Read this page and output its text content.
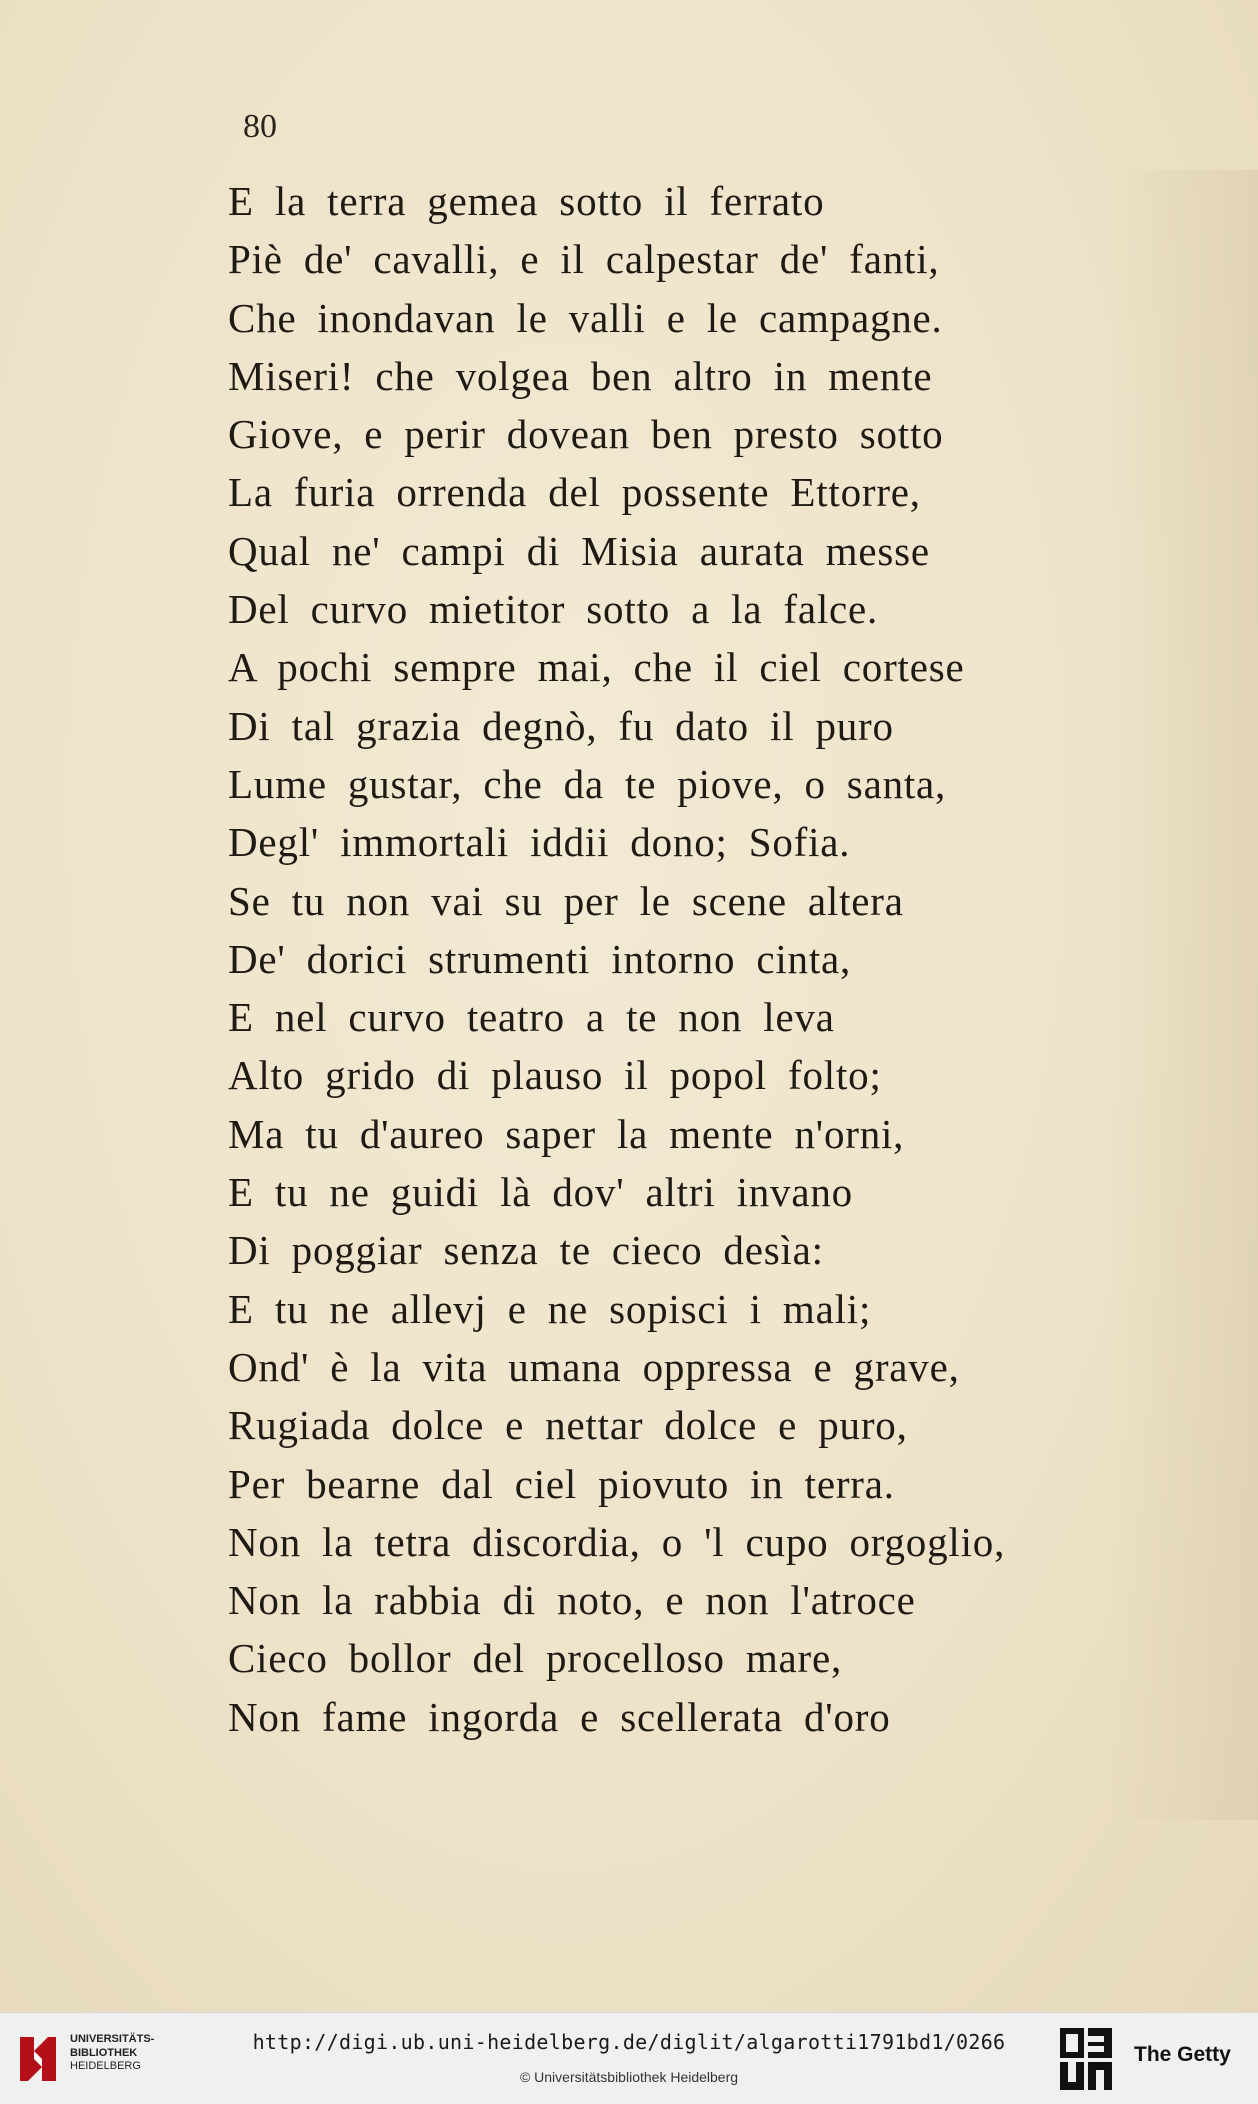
80
E la terra gemea sotto il ferrato
Piè de' cavalli, e il calpestar de' fanti,
Che inondavan le valli e le campagne.
Miseri! che volgea ben altro in mente
Giove, e perir dovean ben presto sotto
La furia orrenda del possente Ettorre,
Qual ne' campi di Misia aurata messe
Del curvo mietitor sotto a la falce.
A pochi sempre mai, che il ciel cortese
Di tal grazia degnò, fu dato il puro
Lume gustar, che da te piove, o santa,
Degl' immortali iddii dono; Sofia.
Se tu non vai su per le scene altera
De' dorici strumenti intorno cinta,
E nel curvo teatro a te non leva
Alto grido di plauso il popol folto;
Ma tu d'aureo saper la mente n'orni,
E tu ne guidi là dov' altri invano
Di poggiar senza te cieco desìa:
E tu ne allevj e ne sopisci i mali;
Ond' è la vita umana oppressa e grave,
Rugiada dolce e nettar dolce e puro,
Per bearne dal ciel piovuto in terra.
Non la tetra discordia, o 'l cupo orgoglio,
Non la rabbia di noto, e non l'atroce
Cieco bollor del procelloso mare,
Non fame ingorda e scellerata d'oro
UNIVERSITÄTS-
BIBLIOTHEK
HEIDELBERG
http://digi.ub.uni-heidelberg.de/diglit/algarotti1791bd1/0266
© Universitätsbibliothek Heidelberg
The Getty
